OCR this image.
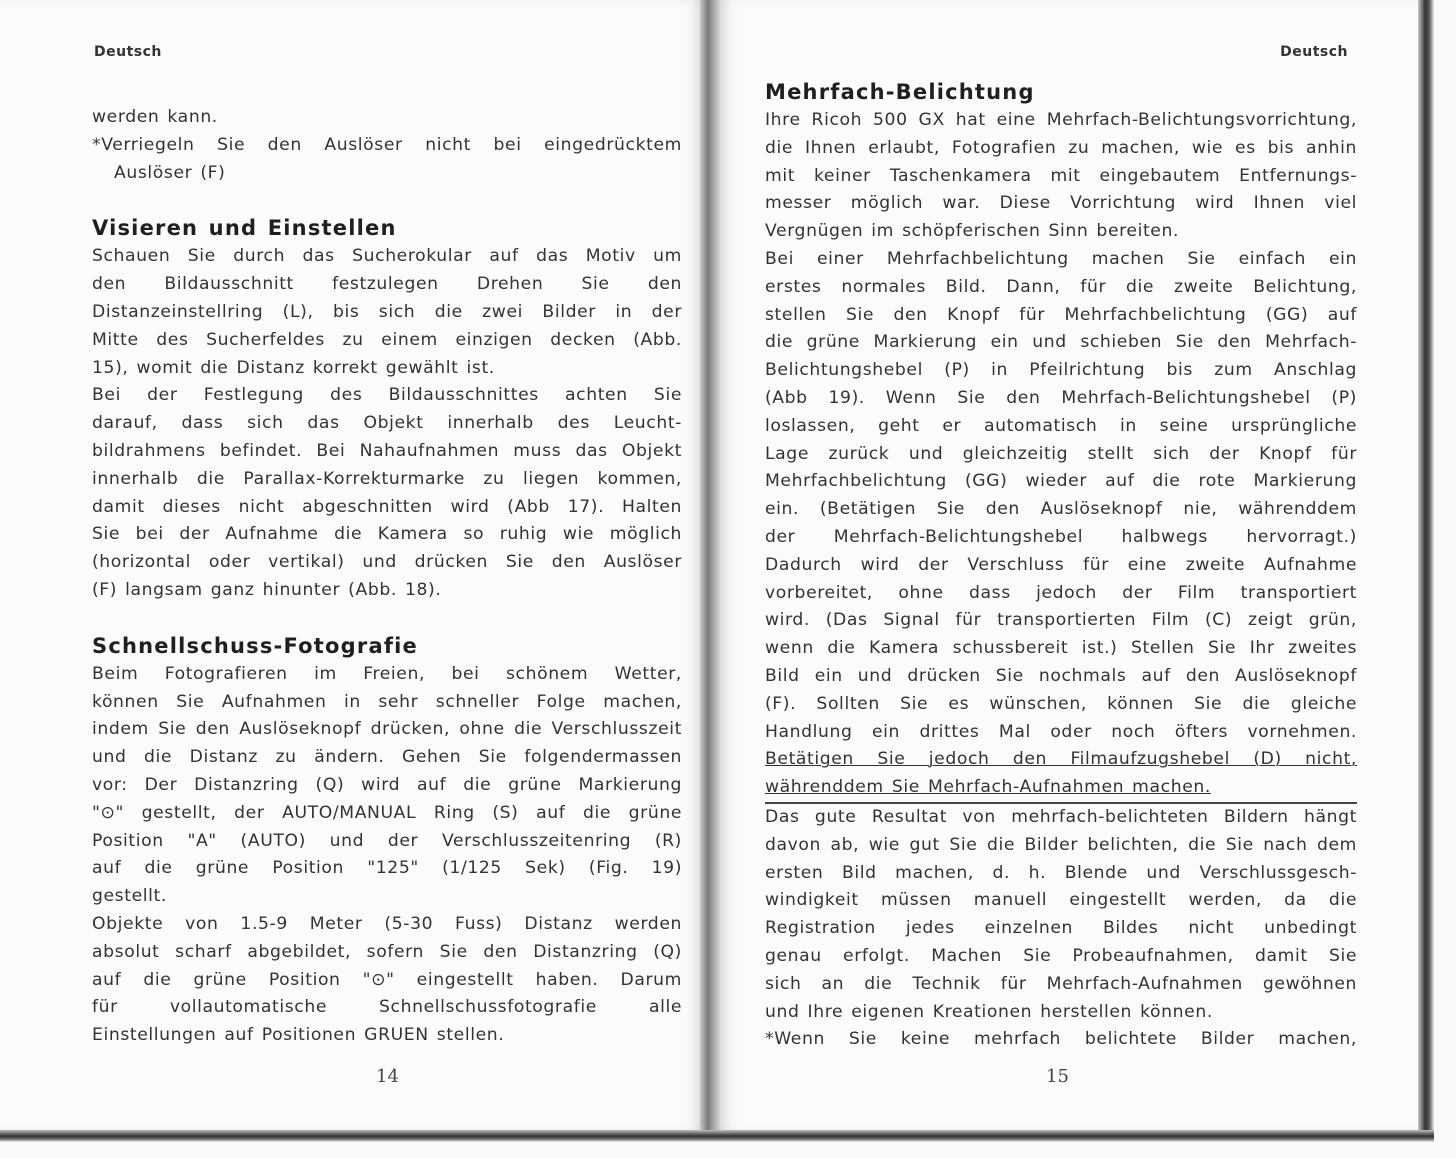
Deutsch
werden kann.
*Verriegeln Sie den Auslöser nicht bei eingedrücktem
Auslöser (F)
Visieren und Einstellen
Schauen Sie durch das Sucherokular auf das Motiv um
den Bildausschnitt festzulegen Drehen Sie den
Distanzeinstellring (L), bis sich die zwei Bilder in der
Mitte des Sucherfeldes zu einem einzigen decken (Abb.
15), womit die Distanz korrekt gewählt ist.
Bei der Festlegung des Bildausschnittes achten Sie
darauf, dass sich das Objekt innerhalb des Leucht-
bildrahmens befindet. Bei Nahaufnahmen muss das Objekt
innerhalb die Parallax-Korrekturmarke zu liegen kommen,
damit dieses nicht abgeschnitten wird (Abb 17). Halten
Sie bei der Aufnahme die Kamera so ruhig wie möglich
(horizontal oder vertikal) und drücken Sie den Auslöser
(F) langsam ganz hinunter (Abb. 18).
Schnellschuss-Fotografie
Beim Fotografieren im Freien, bei schönem Wetter,
können Sie Aufnahmen in sehr schneller Folge machen,
indem Sie den Auslöseknopf drücken, ohne die Verschlusszeit
und die Distanz zu ändern. Gehen Sie folgendermassen
vor: Der Distanzring (Q) wird auf die grüne Markierung
"⊙" gestellt, der AUTO/MANUAL Ring (S) auf die grüne
Position "A" (AUTO) und der Verschlusszeitenring (R)
auf die grüne Position "125" (1/125 Sek) (Fig. 19)
gestellt.
Objekte von 1.5-9 Meter (5-30 Fuss) Distanz werden
absolut scharf abgebildet, sofern Sie den Distanzring (Q)
auf die grüne Position "⊙" eingestellt haben. Darum
für vollautomatische Schnellschussfotografie alle
Einstellungen auf Positionen GRUEN stellen.
14
Deutsch
Mehrfach-Belichtung
Ihre Ricoh 500 GX hat eine Mehrfach-Belichtungsvorrichtung,
die Ihnen erlaubt, Fotografien zu machen, wie es bis anhin
mit keiner Taschenkamera mit eingebautem Entfernungs-
messer möglich war. Diese Vorrichtung wird Ihnen viel
Vergnügen im schöpferischen Sinn bereiten.
Bei einer Mehrfachbelichtung machen Sie einfach ein
erstes normales Bild. Dann, für die zweite Belichtung,
stellen Sie den Knopf für Mehrfachbelichtung (GG) auf
die grüne Markierung ein und schieben Sie den Mehrfach-
Belichtungshebel (P) in Pfeilrichtung bis zum Anschlag
(Abb 19). Wenn Sie den Mehrfach-Belichtungshebel (P)
loslassen, geht er automatisch in seine ursprüngliche
Lage zurück und gleichzeitig stellt sich der Knopf für
Mehrfachbelichtung (GG) wieder auf die rote Markierung
ein. (Betätigen Sie den Auslöseknopf nie, währenddem
der Mehrfach-Belichtungshebel halbwegs hervorragt.)
Dadurch wird der Verschluss für eine zweite Aufnahme
vorbereitet, ohne dass jedoch der Film transportiert
wird. (Das Signal für transportierten Film (C) zeigt grün,
wenn die Kamera schussbereit ist.) Stellen Sie Ihr zweites
Bild ein und drücken Sie nochmals auf den Auslöseknopf
(F). Sollten Sie es wünschen, können Sie die gleiche
Handlung ein drittes Mal oder noch öfters vornehmen.
Betätigen Sie jedoch den Filmaufzugshebel (D) nicht,
währenddem Sie Mehrfach-Aufnahmen machen.
Das gute Resultat von mehrfach-belichteten Bildern hängt
davon ab, wie gut Sie die Bilder belichten, die Sie nach dem
ersten Bild machen, d. h. Blende und Verschlussgesch-
windigkeit müssen manuell eingestellt werden, da die
Registration jedes einzelnen Bildes nicht unbedingt
genau erfolgt. Machen Sie Probeaufnahmen, damit Sie
sich an die Technik für Mehrfach-Aufnahmen gewöhnen
und Ihre eigenen Kreationen herstellen können.
*Wenn Sie keine mehrfach belichtete Bilder machen,
15
